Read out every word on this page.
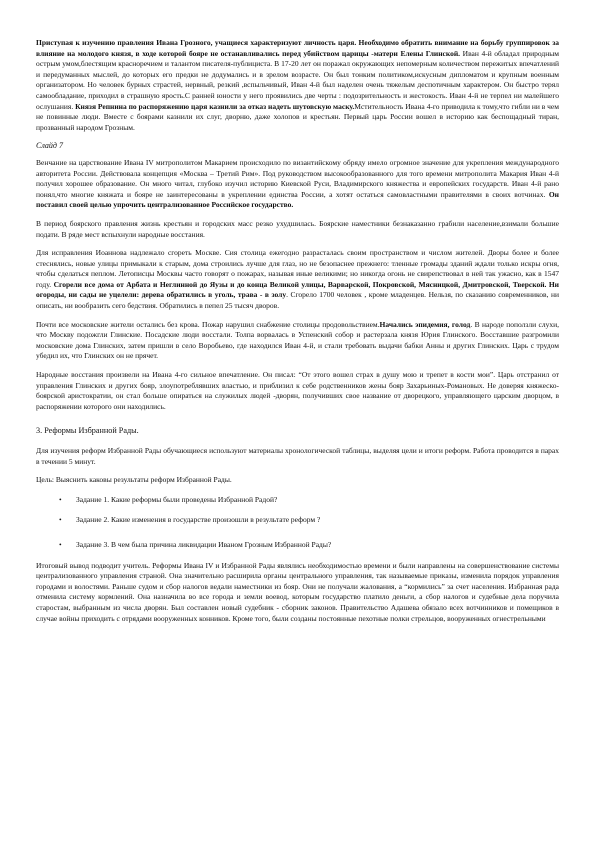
Приступая к изучению правления Ивана Грозного, учащиеся характеризуют личность царя. Необходимо обратить внимание на борьбу группировок за влияние на молодого князя, в ходе которой бояре не останавливались перед убийством царицы -матери Елены Глинской. Иван 4-й обладал природным острым умом,блестящим красноречием и талантом писателя-публициста. В 17-20 лет он поражал окружающих непомерным количеством пережитых впечатлений и передуманных мыслей, до которых его предки не додумались и в зрелом возрасте. Он был тонким политиком,искусным дипломатом и крупным военным организатором. Но человек бурных страстей, нервный, резкий ,вспыльчивый, Иван 4-й был наделен очень тяжелым деспотичным характером. Он быстро терял самообладание, приходил в страшную ярость.С ранней юности у него проявились две черты : подозрительность и жестокость. Иван 4-й не терпел ни малейшего ослушания. Князя Репнина по распоряжению царя казнили за отказ надеть шутовскую маску.Мстительность Ивана 4-го приводила к тому,что гибли ни в чем не повинные люди. Вместе с боярами казнили их слуг, дворню, даже холопов и крестьян. Первый царь России вошел в историю как беспощадный тиран, прозванный народом Грозным.

Слайд 7

Венчание на царствование Ивана IV митрополитом Макарием происходило по византийскому обряду имело огромное значение для укрепления международного авторитета России. Действовала концепция «Москва – Третий Рим». Под руководством высокообразованного для того времени митрополита Макария Иван 4-й получил хорошее образование. Он много читал, глубоко изучил историю Киевской Руси, Владимирского княжества и европейских государств. Иван 4-й рано понял,что многие княжата и бояре не заинтересованы в укреплении единства России, а хотят остаться самовластными правителями в своих вотчинах. Он поставил своей целью упрочить централизованное Российское государство.

В период боярского правления жизнь крестьян и городских масс резко ухудшилась. Боярские наместники безнаказанно грабили население,взимали большие подати. В ряде мест вспыхнули народные восстания.

Для исправления Иоаннова надлежало сгореть Москве. Сия столица ежегодно разрасталась своим пространством и числом жителей. Дворы более и более стеснялись, новые улицы примыкали к старым, дома строились лучше для глаз, но не безопаснее прежнего: тленные громады зданий ждали только искры огня, чтобы сделаться пеплом. Летописцы Москвы часто говорят о пожарах, называя иные великими; но никогда огонь не свирепствовал в ней так ужасно, как в 1547 году. Сгорели все дома от Арбата и Неглинной до Яузы и до конца Великой улицы, Варварской, Покровской, Мясницкой, Дмитровской, Тверской. Ни огороды, ни сады не уцелели: дерева обратились в уголь, трава - в золу. Сгорело 1700 человек , кроме младенцев. Нельзя, по сказанию современников, ни описать, ни вообразить сего бедствия. Обратились в пепел 25 тысяч дворов.

Почти все московские жители остались без крова. Пожар нарушил снабжение столицы продовольствием.Начались эпидемия, голод. В народе поползли слухи, что Москву подожгли Глинские. Посадские люди восстали. Толпа ворвалась в Успенский собор и растерзала князя Юрия Глинского. Восставшие разгромили московские дома Глинских, затем пришли в село Воробьево, где находился Иван 4-й, и стали требовать выдачи бабки Анны и других Глинских. Царь с трудом убедил их, что Глинских он не прячет.

Народные восстания произвели на Ивана 4-го сильное впечатление. Он писал: “От этого вошел страх в душу мою и трепет в кости мои”. Царь отстранил от управления Глинских и других бояр, злоупотреблявших властью, и приблизил к себе родственников жены бояр Захарьиных-Романовых. Не доверяя княжеско-боярской аристократии, он стал больше опираться на служилых людей -дворян, получивших свое название от дворецкого, управляющего царским дворцом, в распоряжении которого они находились.

3. Реформы Избранной Рады.

Для изучения реформ Избранной Рады обучающиеся используют материалы хронологической таблицы, выделяя цели и итоги реформ. Работа проводится в парах в течении 5 минут.

Цель: Выяснить каковы результаты реформ Избранной Рады.

• Задание 1. Какие реформы были проведены Избранной Радой?
• Задание 2. Какие изменения в государстве произошли в результате реформ ?
• Задание 3. В чем была причина ликвидации Иваном Грозным Избранной Рады?

Итоговый вывод подводит учитель. Реформы Ивана IV и Избранной Рады являлись необходимостью времени и были направлены на совершенствование системы централизованного управления страной. Она значительно расширила органы центрального управления, так называемые приказы, изменила порядок управления городами и волостями. Раньше судом и сбор налогов ведали наместники из бояр. Они не получали жалования, а “кормились” за счет населения. Избранная рада отменила систему кормлений. Она назначила во все города и земли воевод, которым государство платило деньги, а сбор налогов и судебные дела поручила старостам, выбранным из числа дворян. Был составлен новый судебник - сборник законов. Правительство Адашева обязало всех вотчинников и помещиков в случае войны приходить с отрядами вооруженных конников. Кроме того, были созданы постоянные пехотные полки стрельцов, вооруженных огнестрельными
